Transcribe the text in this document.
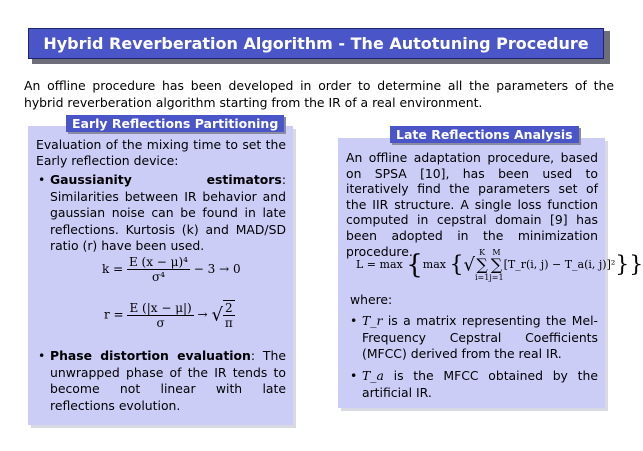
Hybrid Reverberation Algorithm - The Autotuning Procedure
An offline procedure has been developed in order to determine all the parameters of the hybrid reverberation algorithm starting from the IR of a real environment.
Early Reflections Partitioning
Evaluation of the mixing time to set the Early reflection device:
• Gaussianity estimators: Similarities between IR behavior and gaussian noise can be found in late reflections. Kurtosis (k) and MAD/SD ratio (r) have been used.
$k = \frac{\text{E (x − μ)⁴}}{\text{σ⁴}} - 3 \to 0$
$r = \frac{E (|x - \mu|)}{\sigma}$ → √ $\frac{2}{\pi}$
• Phase distortion evaluation: The unwrapped phase of the IR tends to become not linear with late reflections evolution.
Late Reflections Analysis
An offline adaptation procedure, based on SPSA [10], has been used to iteratively find the parameters set of the IIR structure. A single loss function computed in cepstral domain [9] has been adopted in the minimization procedure.
L = max {max {√K
∑
i=1M
∑
j=1[T_r(i, j) − T_a(i, j)]²}}
where:
• T_r is a matrix representing the Mel-Frequency Cepstral Coefficients (MFCC) derived from the real IR.
• T_a is the MFCC obtained by the artificial IR.
